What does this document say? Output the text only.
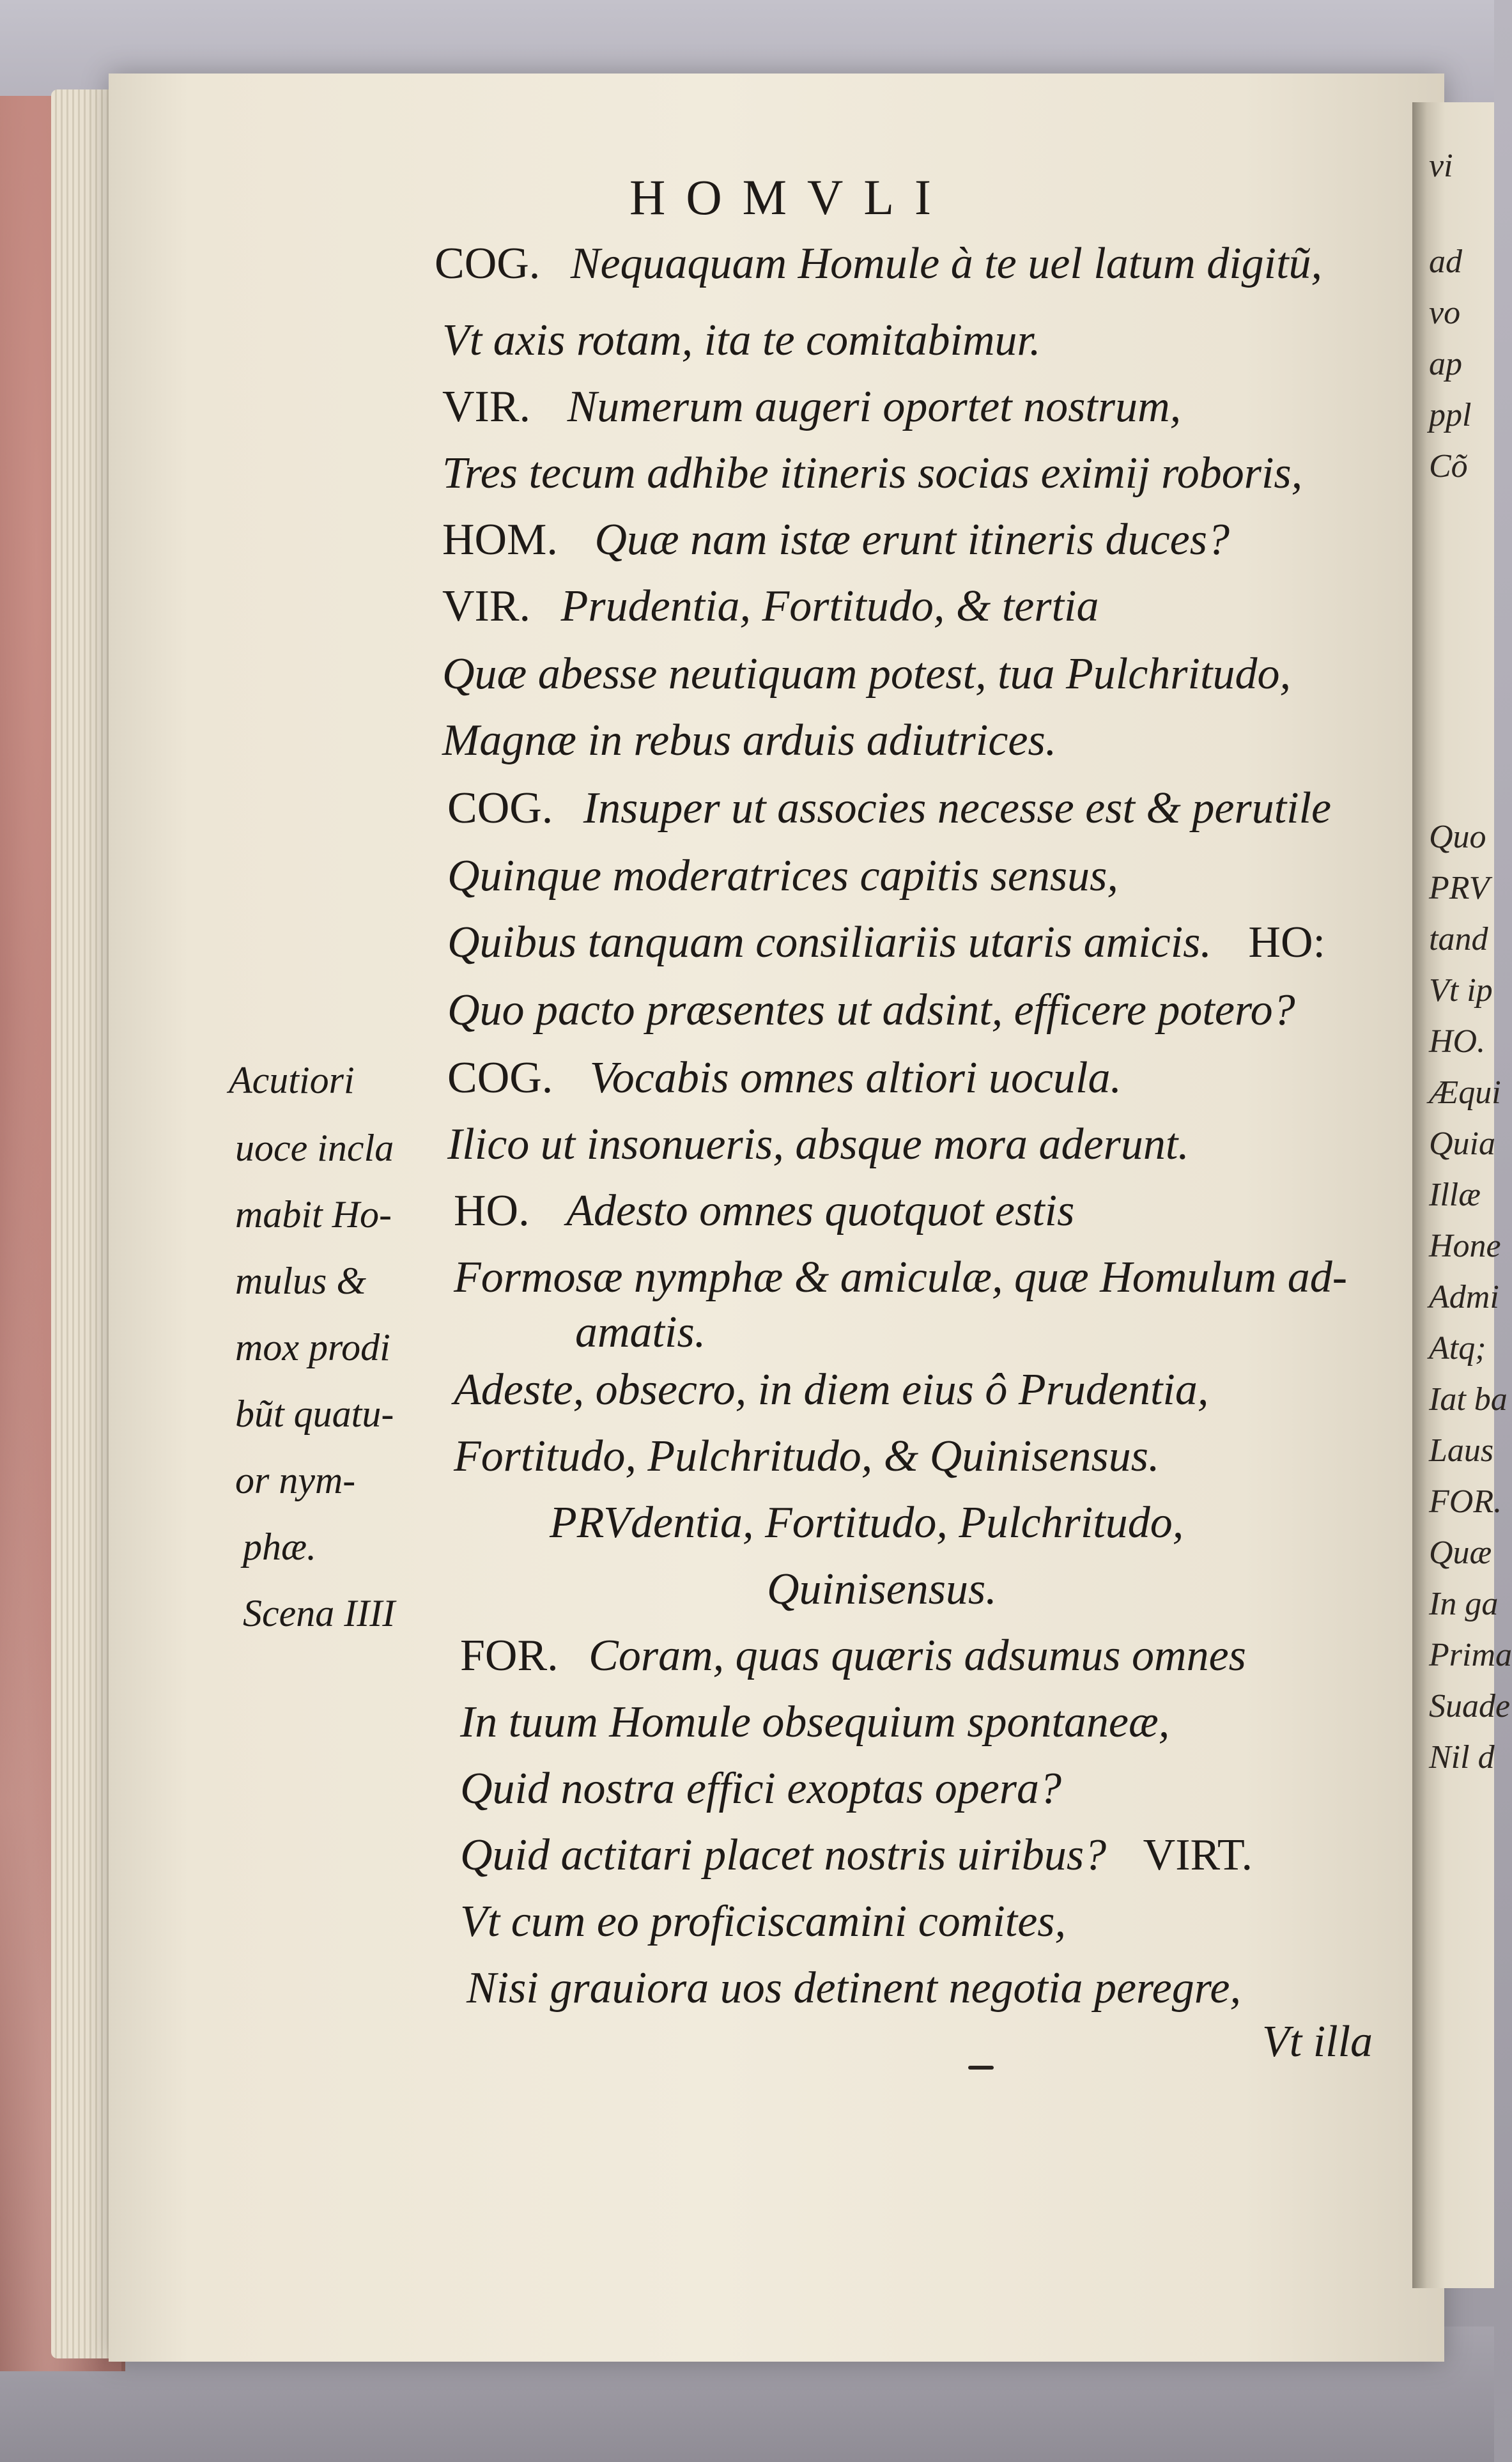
vi
ad
vo
ap
ppl
Cõ
Quo
PRV
tand
Vt ip
HO.
Æqui
Quia
Illæ
Hone
Admi
Atq;
Iat ba
Laus
FOR.
Quæ
In ga
Prima
Suade
Nil d
HOMVLI
COG. Nequaquam Homule à te uel latum digitũ,
Vt axis rotam, ita te comitabimur.
VIR. Numerum augeri oportet nostrum,
Tres tecum adhibe itineris socias eximij roboris,
HOM. Quæ nam istæ erunt itineris duces?
VIR. Prudentia, Fortitudo, & tertia
Quæ abesse neutiquam potest, tua Pulchritudo,
Magnæ in rebus arduis adiutrices.
COG. Insuper ut associes necesse est & perutile
Quinque moderatrices capitis sensus,
Quibus tanquam consiliariis utaris amicis. HO:
Quo pacto præsentes ut adsint, efficere potero?
COG. Vocabis omnes altiori uocula.
Ilico ut insonueris, absque mora aderunt.
HO. Adesto omnes quotquot estis
Formosæ nymphæ & amiculæ, quæ Homulum ad-
amatis.
Adeste, obsecro, in diem eius ô Prudentia,
Fortitudo, Pulchritudo, & Quinisensus.
PRVdentia, Fortitudo, Pulchritudo,
Quinisensus.
FOR. Coram, quas quæris adsumus omnes
In tuum Homule obsequium spontaneæ,
Quid nostra effici exoptas opera?
Quid actitari placet nostris uiribus? VIRT.
Vt cum eo proficiscamini comites,
Nisi grauiora uos detinent negotia peregre,
Vt illa
Acutiori
uoce incla
mabit Ho-
mulus &
mox prodi
bũt quatu-
or nym-
phæ.
Scena IIII
